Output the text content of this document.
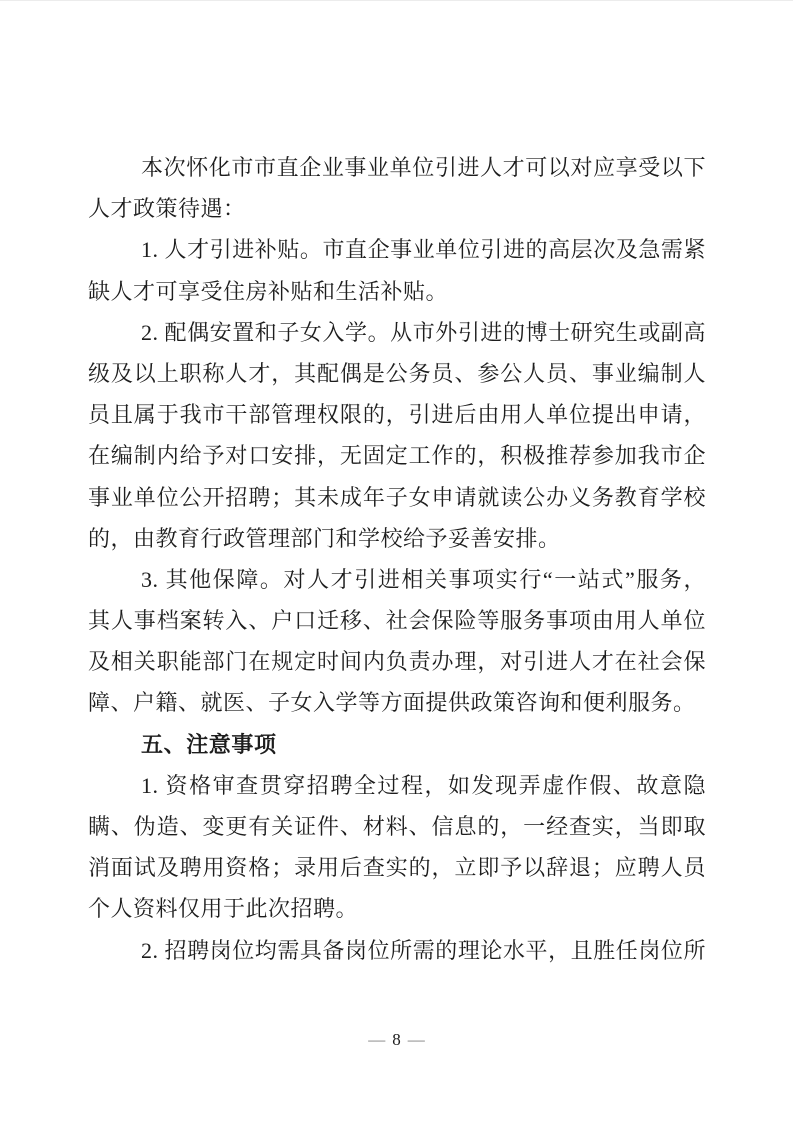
本次怀化市市直企业事业单位引进人才可以对应享受以下

人才政策待遇：

1. 人才引进补贴。市直企事业单位引进的高层次及急需紧

缺人才可享受住房补贴和生活补贴。

2. 配偶安置和子女入学。从市外引进的博士研究生或副高

级及以上职称人才，其配偶是公务员、参公人员、事业编制人

员且属于我市干部管理权限的，引进后由用人单位提出申请，

在编制内给予对口安排，无固定工作的，积极推荐参加我市企

事业单位公开招聘；其未成年子女申请就读公办义务教育学校

的，由教育行政管理部门和学校给予妥善安排。

3. 其他保障。对人才引进相关事项实行“一站式”服务，

其人事档案转入、户口迁移、社会保险等服务事项由用人单位

及相关职能部门在规定时间内负责办理，对引进人才在社会保

障、户籍、就医、子女入学等方面提供政策咨询和便利服务。

五、注意事项

1. 资格审查贯穿招聘全过程，如发现弄虚作假、故意隐

瞒、伪造、变更有关证件、材料、信息的，一经查实，当即取

消面试及聘用资格；录用后查实的，立即予以辞退；应聘人员

个人资料仅用于此次招聘。

2. 招聘岗位均需具备岗位所需的理论水平，且胜任岗位所

— 8 —
